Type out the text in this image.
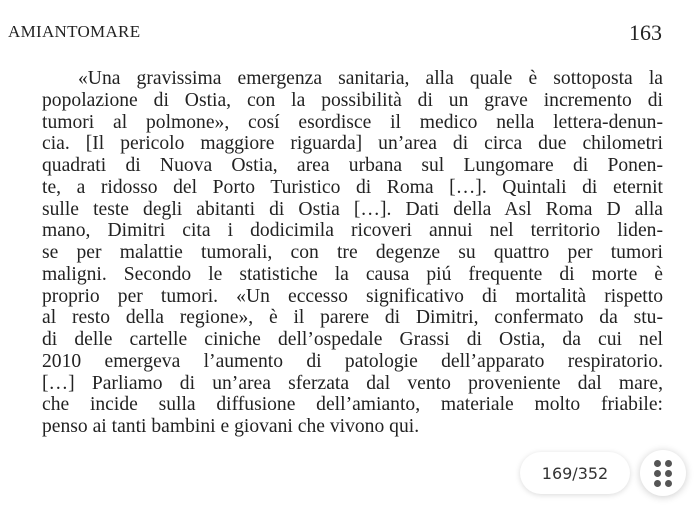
AMIANTOMARE	163
«Una gravissima emergenza sanitaria, alla quale è sottoposta la
popolazione di Ostia, con la possibilità di un grave incremento di
tumori al polmone», cosí esordisce il medico nella lettera-denun-
cia. [Il pericolo maggiore riguarda] un’area di circa due chilometri
quadrati di Nuova Ostia, area urbana sul Lungomare di Ponen-
te, a ridosso del Porto Turistico di Roma […]. Quintali di eternit
sulle teste degli abitanti di Ostia […]. Dati della Asl Roma D alla
mano, Dimitri cita i dodicimila ricoveri annui nel territorio liden-
se per malattie tumorali, con tre degenze su quattro per tumori
maligni. Secondo le statistiche la causa piú frequente di morte è
proprio per tumori. «Un eccesso significativo di mortalità rispetto
al resto della regione», è il parere di Dimitri, confermato da stu-
di delle cartelle ciniche dell’ospedale Grassi di Ostia, da cui nel
2010 emergeva l’aumento di patologie dell’apparato respiratorio.
[…] Parliamo di un’area sferzata dal vento proveniente dal mare,
che incide sulla diffusione dell’amianto, materiale molto friabile:
penso ai tanti bambini e giovani che vivono qui.
169/352
